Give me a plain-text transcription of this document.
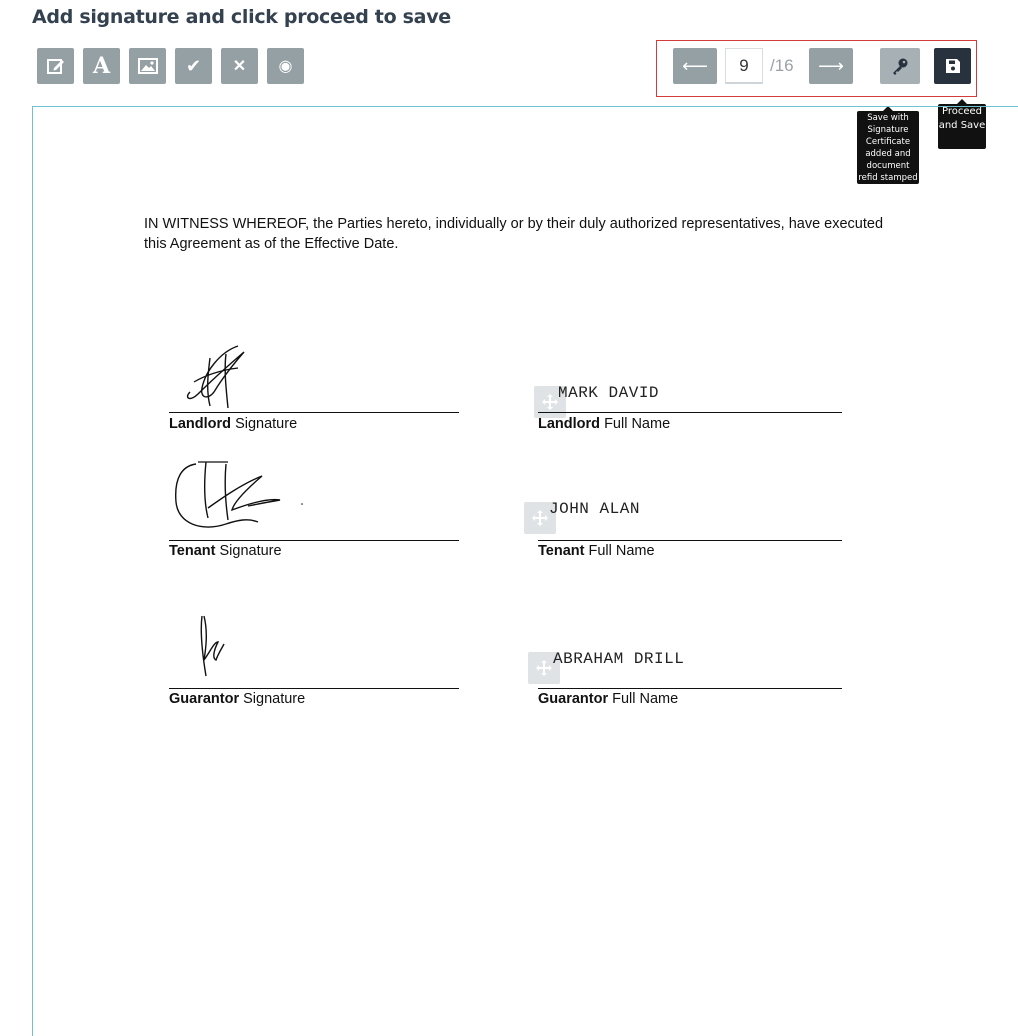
Add signature and click proceed to save
A	✔ ✕ ◉	⟵
9	/16 ⟶
Save with Signature Certificate added and document refid stamped
Proceed and Save
IN WITNESS WHEREOF, the Parties hereto, individually or by their duly authorized representatives, have executed this Agreement as of the Effective Date.
Landlord Signature
MARK DAVID
Landlord Full Name
Tenant Signature
JOHN ALAN
Tenant Full Name
Guarantor Signature
ABRAHAM DRILL
Guarantor Full Name
